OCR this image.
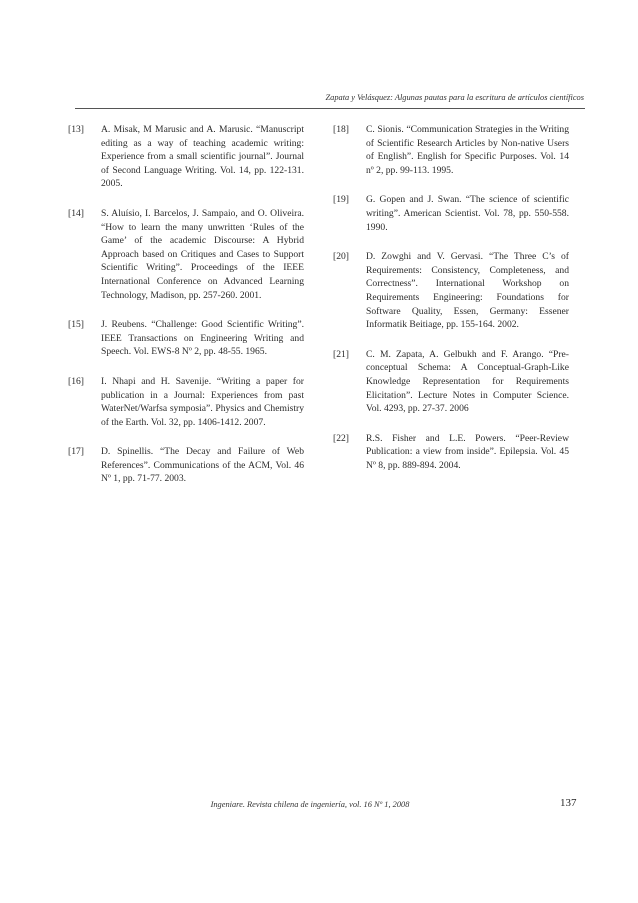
Zapata y Velásquez: Algunas pautas para la escritura de artículos científicos
[13]	A. Misak, M Marusic and A. Marusic. “Manuscript editing as a way of teaching academic writing: Experience from a small scientific journal”. Journal of Second Language Writing. Vol. 14, pp. 122-131. 2005.
[14]	S. Aluísio, I. Barcelos, J. Sampaio, and O. Oliveira. “How to learn the many unwritten ‘Rules of the Game’ of the academic Discourse: A Hybrid Approach based on Critiques and Cases to Support Scientific Writing”. Proceedings of the IEEE International Conference on Advanced Learning Technology, Madison, pp. 257-260. 2001.
[15]	J. Reubens. “Challenge: Good Scientific Writing”. IEEE Transactions on Engineering Writing and Speech. Vol. EWS-8 Nº 2, pp. 48-55. 1965.
[16]	I. Nhapi and H. Savenije. “Writing a paper for publication in a Journal: Experiences from past WaterNet/Warfsa symposia”. Physics and Chemistry of the Earth. Vol. 32, pp. 1406-1412. 2007.
[17]	D. Spinellis. “The Decay and Failure of Web References”. Communications of the ACM, Vol. 46 Nº 1, pp. 71-77. 2003.
[18]	C. Sionis. “Communication Strategies in the Writing of Scientific Research Articles by Non-native Users of English”. English for Specific Purposes. Vol. 14 nº 2, pp. 99-113. 1995.
[19]	G. Gopen and J. Swan. “The science of scientific writing”. American Scientist. Vol. 78, pp. 550-558. 1990.
[20]	D. Zowghi and V. Gervasi. “The Three C’s of Requirements: Consistency, Completeness, and Correctness”. International Workshop on Requirements Engineering: Foundations for Software Quality, Essen, Germany: Essener Informatik Beitiage, pp. 155-164. 2002.
[21]	C. M. Zapata, A. Gelbukh and F. Arango. “Pre-conceptual Schema: A Conceptual-Graph-Like Knowledge Representation for Requirements Elicitation”. Lecture Notes in Computer Science. Vol. 4293, pp. 27-37. 2006
[22]	R.S. Fisher and L.E. Powers. “Peer-Review Publication: a view from inside”. Epilepsia. Vol. 45 Nº 8, pp. 889-894. 2004.
Ingeniare. Revista chilena de ingeniería, vol. 16 Nº 1, 2008	137
